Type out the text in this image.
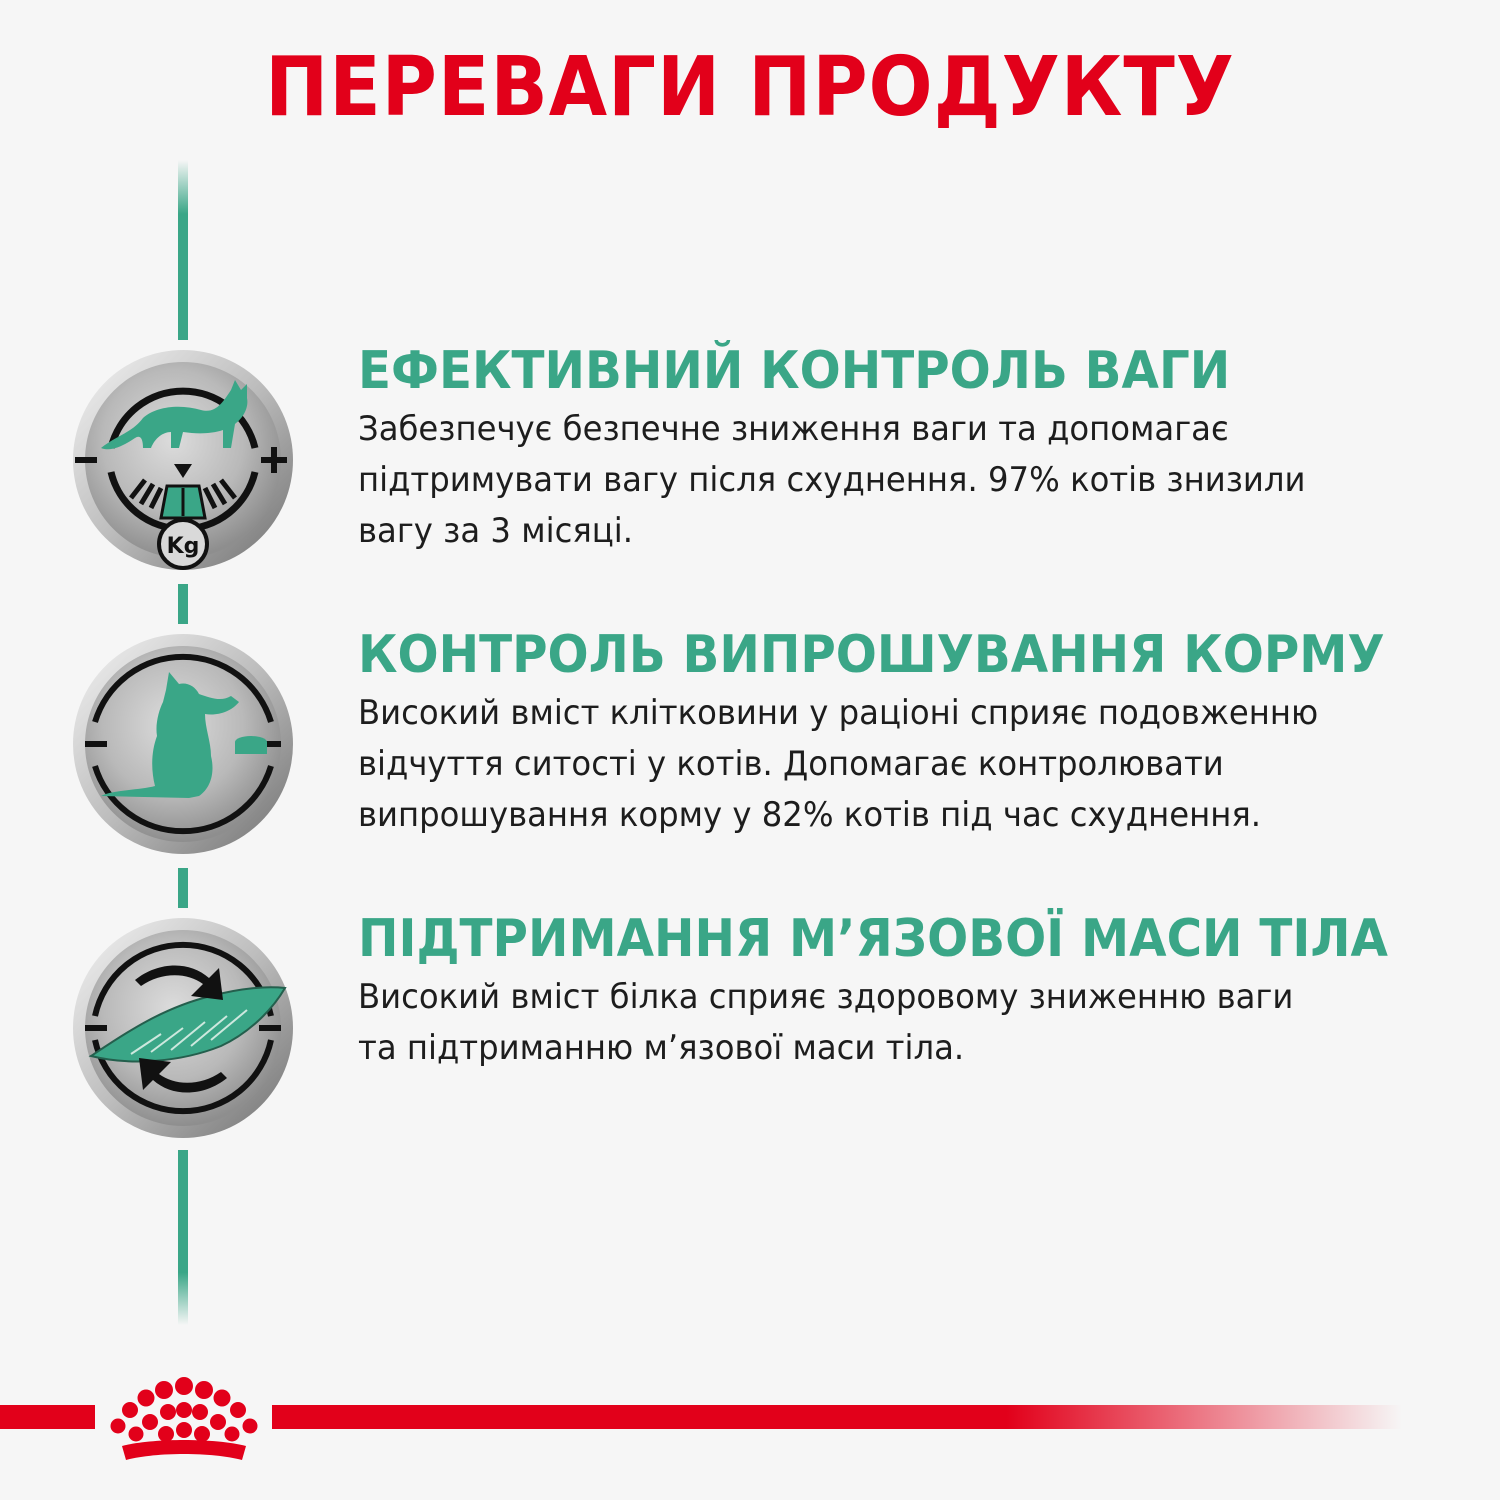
ПЕРЕВАГИ ПРОДУКТУ
Kg
ЕФЕКТИВНИЙ КОНТРОЛЬ ВАГИ
Забезпечує безпечне зниження ваги та допомагає
підтримувати вагу після схуднення. 97% котів знизили
вагу за 3 місяці.
КОНТРОЛЬ ВИПРОШУВАННЯ КОРМУ
Високий вміст клітковини у раціоні сприяє подовженню
відчуття ситості у котів. Допомагає контролювати
випрошування корму у 82% котів під час схуднення.
ПІДТРИМАННЯ М’ЯЗОВОЇ МАСИ ТІЛА
Високий вміст білка сприяє здоровому зниженню ваги
та підтриманню м’язової маси тіла.
